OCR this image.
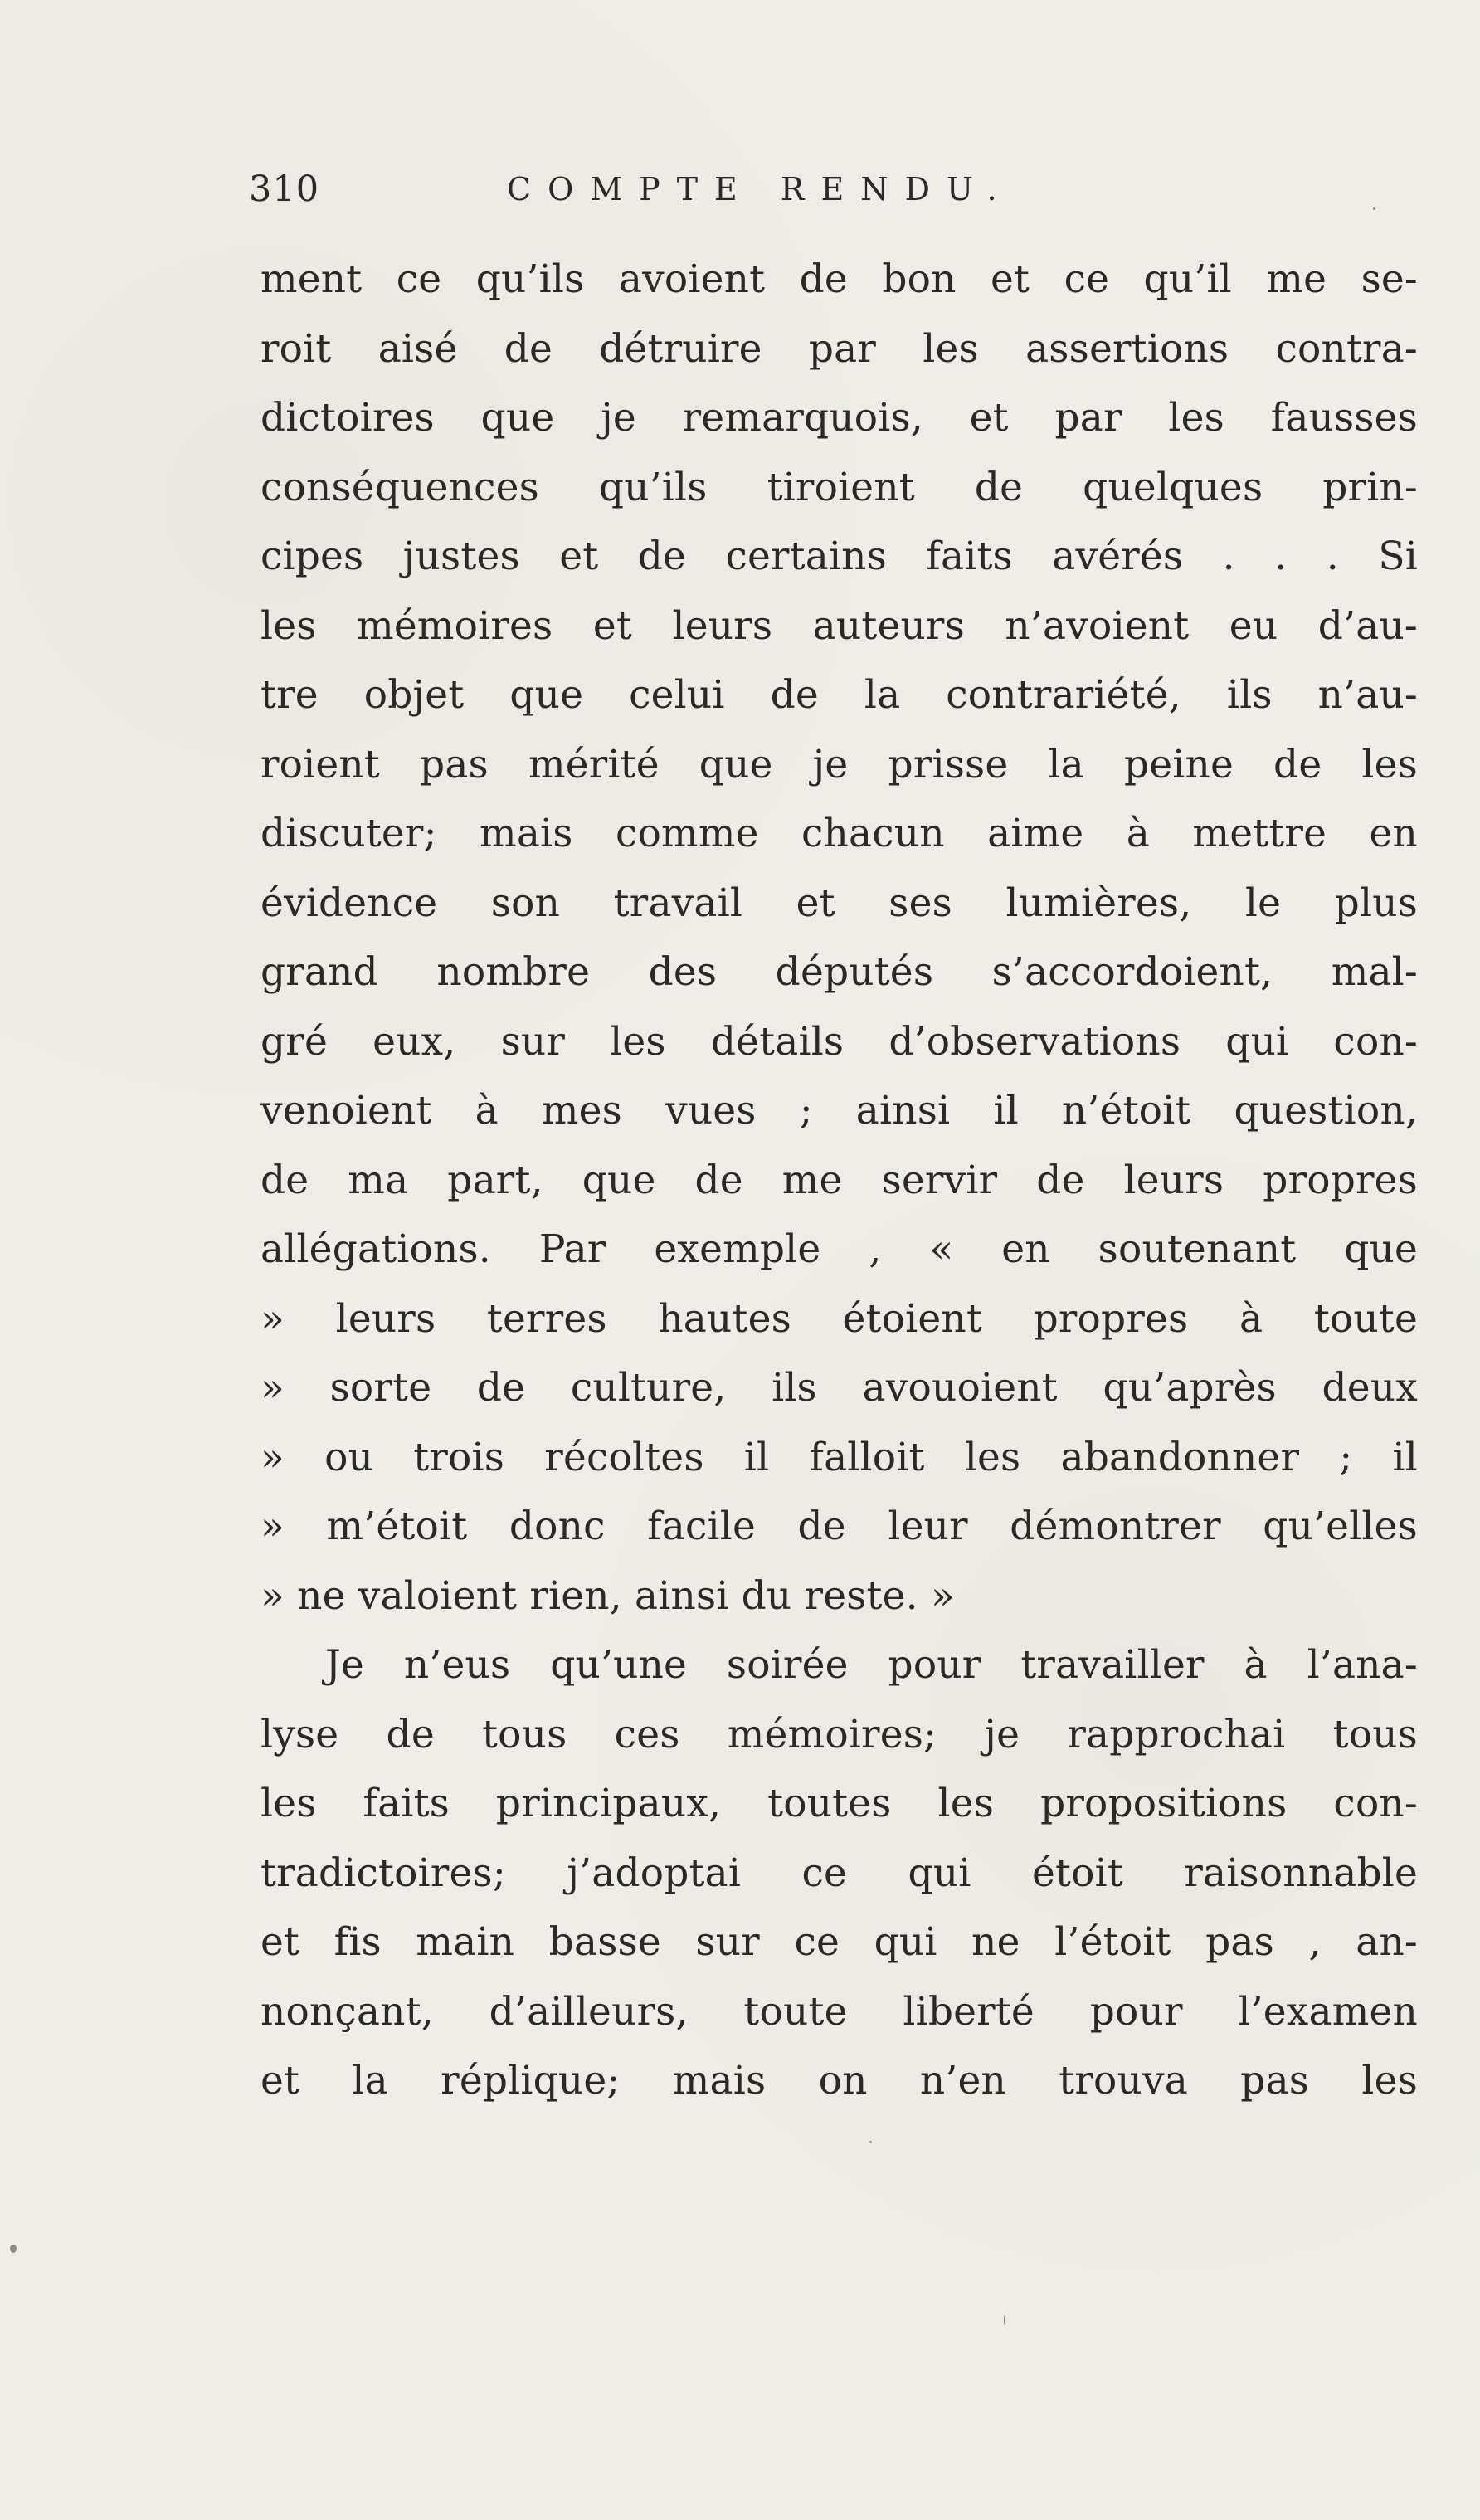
310	COMPTE RENDU.
ment ce qu’ils avoient de bon et ce qu’il me se-
roit aisé de détruire par les assertions contra-
dictoires que je remarquois, et par les fausses
conséquences qu’ils tiroient de quelques prin-
cipes justes et de certains faits avérés . . . Si
les mémoires et leurs auteurs n’avoient eu d’au-
tre objet que celui de la contrariété, ils n’au-
roient pas mérité que je prisse la peine de les
discuter; mais comme chacun aime à mettre en
évidence son travail et ses lumières, le plus
grand nombre des députés s’accordoient, mal-
gré eux, sur les détails d’observations qui con-
venoient à mes vues ; ainsi il n’étoit question,
de ma part, que de me servir de leurs propres
allégations. Par exemple , « en soutenant que
» leurs terres hautes étoient propres à toute
» sorte de culture, ils avouoient qu’après deux
» ou trois récoltes il falloit les abandonner ; il
» m’étoit donc facile de leur démontrer qu’elles
» ne valoient rien, ainsi du reste. »
Je n’eus qu’une soirée pour travailler à l’ana-
lyse de tous ces mémoires; je rapprochai tous
les faits principaux, toutes les propositions con-
tradictoires; j’adoptai ce qui étoit raisonnable
et fis main basse sur ce qui ne l’étoit pas , an-
nonçant, d’ailleurs, toute liberté pour l’examen
et la réplique; mais on n’en trouva pas les
